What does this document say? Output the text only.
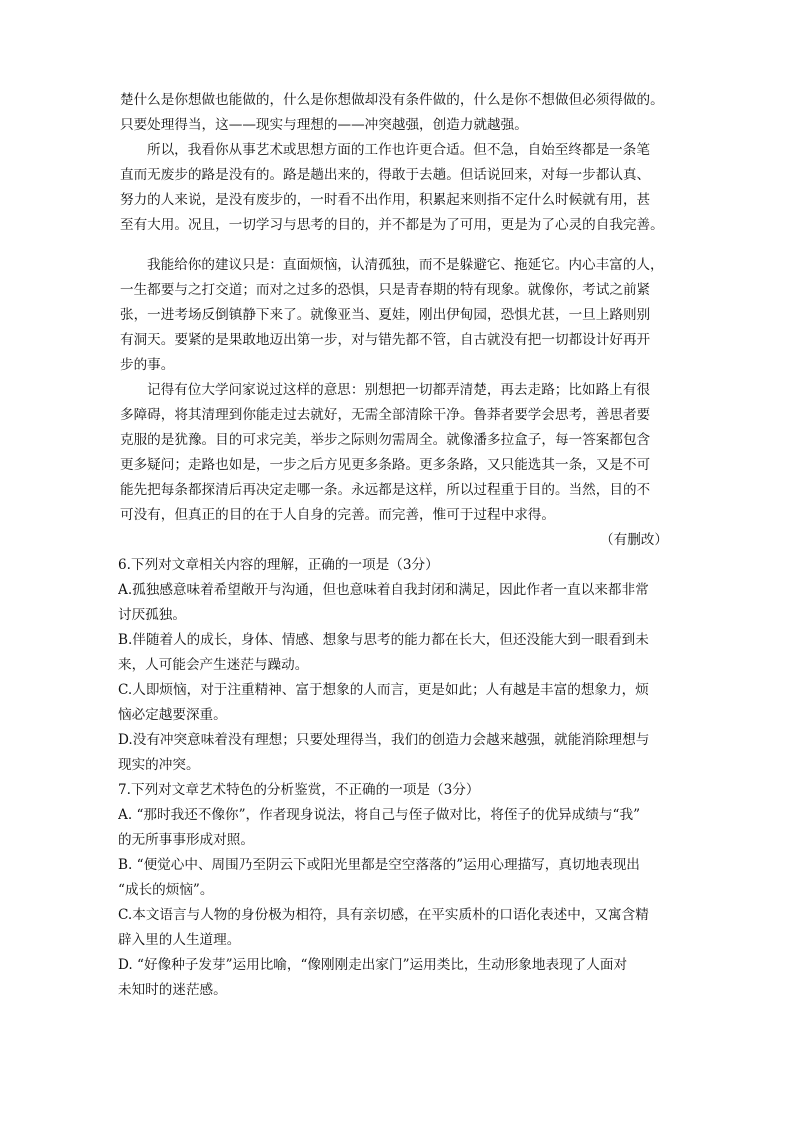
楚什么是你想做也能做的，什么是你想做却没有条件做的，什么是你不想做但必须得做的。
只要处理得当，这——现实与理想的——冲突越强，创造力就越强。
所以，我看你从事艺术或思想方面的工作也许更合适。但不急，自始至终都是一条笔
直而无废步的路是没有的。路是趟出来的，得敢于去趟。但话说回来，对每一步都认真、
努力的人来说，是没有废步的，一时看不出作用，积累起来则指不定什么时候就有用，甚
至有大用。况且，一切学习与思考的目的，并不都是为了可用，更是为了心灵的自我完善。
我能给你的建议只是：直面烦恼，认清孤独，而不是躲避它、拖延它。内心丰富的人，
一生都要与之打交道；而对之过多的恐惧，只是青春期的特有现象。就像你，考试之前紧
张，一进考场反倒镇静下来了。就像亚当、夏娃，刚出伊甸园，恐惧尤甚，一旦上路则别
有洞天。要紧的是果敢地迈出第一步，对与错先都不管，自古就没有把一切都设计好再开
步的事。
记得有位大学问家说过这样的意思：别想把一切都弄清楚，再去走路；比如路上有很
多障碍，将其清理到你能走过去就好，无需全部清除干净。鲁莽者要学会思考，善思者要
克服的是犹豫。目的可求完美，举步之际则勿需周全。就像潘多拉盒子，每一答案都包含
更多疑问；走路也如是，一步之后方见更多条路。更多条路，又只能选其一条，又是不可
能先把每条都探清后再决定走哪一条。永远都是这样，所以过程重于目的。当然，目的不
可没有，但真正的目的在于人自身的完善。而完善，惟可于过程中求得。
（有删改）
6.下列对文章相关内容的理解，正确的一项是（3分）
A.孤独感意味着希望敞开与沟通，但也意味着自我封闭和满足，因此作者一直以来都非常
讨厌孤独。
B.伴随着人的成长，身体、情感、想象与思考的能力都在长大，但还没能大到一眼看到未
来，人可能会产生迷茫与躁动。
C.人即烦恼，对于注重精神、富于想象的人而言，更是如此；人有越是丰富的想象力，烦
恼必定越要深重。
D.没有冲突意味着没有理想；只要处理得当，我们的创造力会越来越强，就能消除理想与
现实的冲突。
7.下列对文章艺术特色的分析鉴赏，不正确的一项是（3分）
A. “那时我还不像你”，作者现身说法，将自己与侄子做对比，将侄子的优异成绩与“我”
的无所事事形成对照。
B. “便觉心中、周围乃至阴云下或阳光里都是空空落落的”运用心理描写，真切地表现出
“成长的烦恼”。
C.本文语言与人物的身份极为相符，具有亲切感，在平实质朴的口语化表述中，又寓含精
辟入里的人生道理。
D. “好像种子发芽”运用比喻，“像刚刚走出家门”运用类比，生动形象地表现了人面对
未知时的迷茫感。
